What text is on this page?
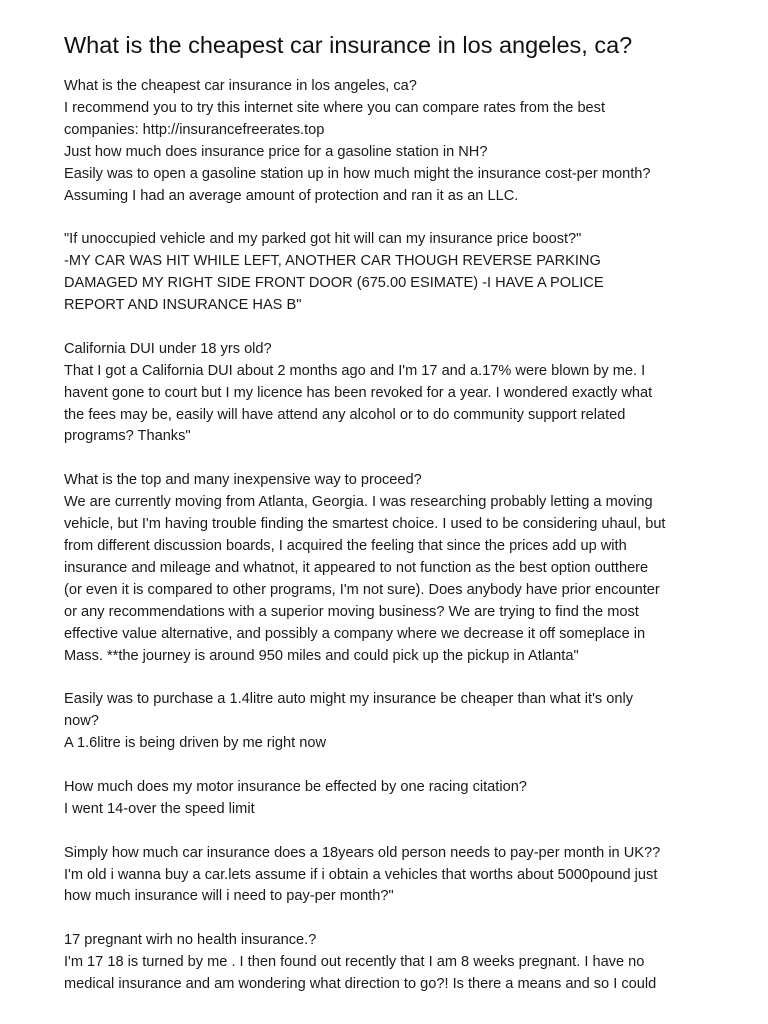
What is the cheapest car insurance in los angeles, ca?

What is the cheapest car insurance in los angeles, ca?
I recommend you to try this internet site where you can compare rates from the best
companies: http://insurancefreerates.top
Just how much does insurance price for a gasoline station in NH?
Easily was to open a gasoline station up in how much might the insurance cost-per month?
Assuming I had an average amount of protection and ran it as an LLC.

"If unoccupied vehicle and my parked got hit will can my insurance price boost?"
-MY CAR WAS HIT WHILE LEFT, ANOTHER CAR THOUGH REVERSE PARKING
DAMAGED MY RIGHT SIDE FRONT DOOR (675.00 ESIMATE) -I HAVE A POLICE
REPORT AND INSURANCE HAS B"

California DUI under 18 yrs old?
That I got a California DUI about 2 months ago and I'm 17 and a.17% were blown by me. I
havent gone to court but I my licence has been revoked for a year. I wondered exactly what
the fees may be, easily will have attend any alcohol or to do community support related
programs? Thanks"

What is the top and many inexpensive way to proceed?
We are currently moving from Atlanta, Georgia. I was researching probably letting a moving
vehicle, but I'm having trouble finding the smartest choice. I used to be considering uhaul, but
from different discussion boards, I acquired the feeling that since the prices add up with
insurance and mileage and whatnot, it appeared to not function as the best option outthere
(or even it is compared to other programs, I'm not sure). Does anybody have prior encounter
or any recommendations with a superior moving business? We are trying to find the most
effective value alternative, and possibly a company where we decrease it off someplace in
Mass. **the journey is around 950 miles and could pick up the pickup in Atlanta"

Easily was to purchase a 1.4litre auto might my insurance be cheaper than what it's only
now?
A 1.6litre is being driven by me right now

How much does my motor insurance be effected by one racing citation?
I went 14-over the speed limit

Simply how much car insurance does a 18years old person needs to pay-per month in UK??
I'm old i wanna buy a car.lets assume if i obtain a vehicles that worths about 5000pound just
how much insurance will i need to pay-per month?"

17 pregnant wirh no health insurance.?
I'm 17 18 is turned by me . I then found out recently that I am 8 weeks pregnant. I have no
medical insurance and am wondering what direction to go?! Is there a means and so I could
